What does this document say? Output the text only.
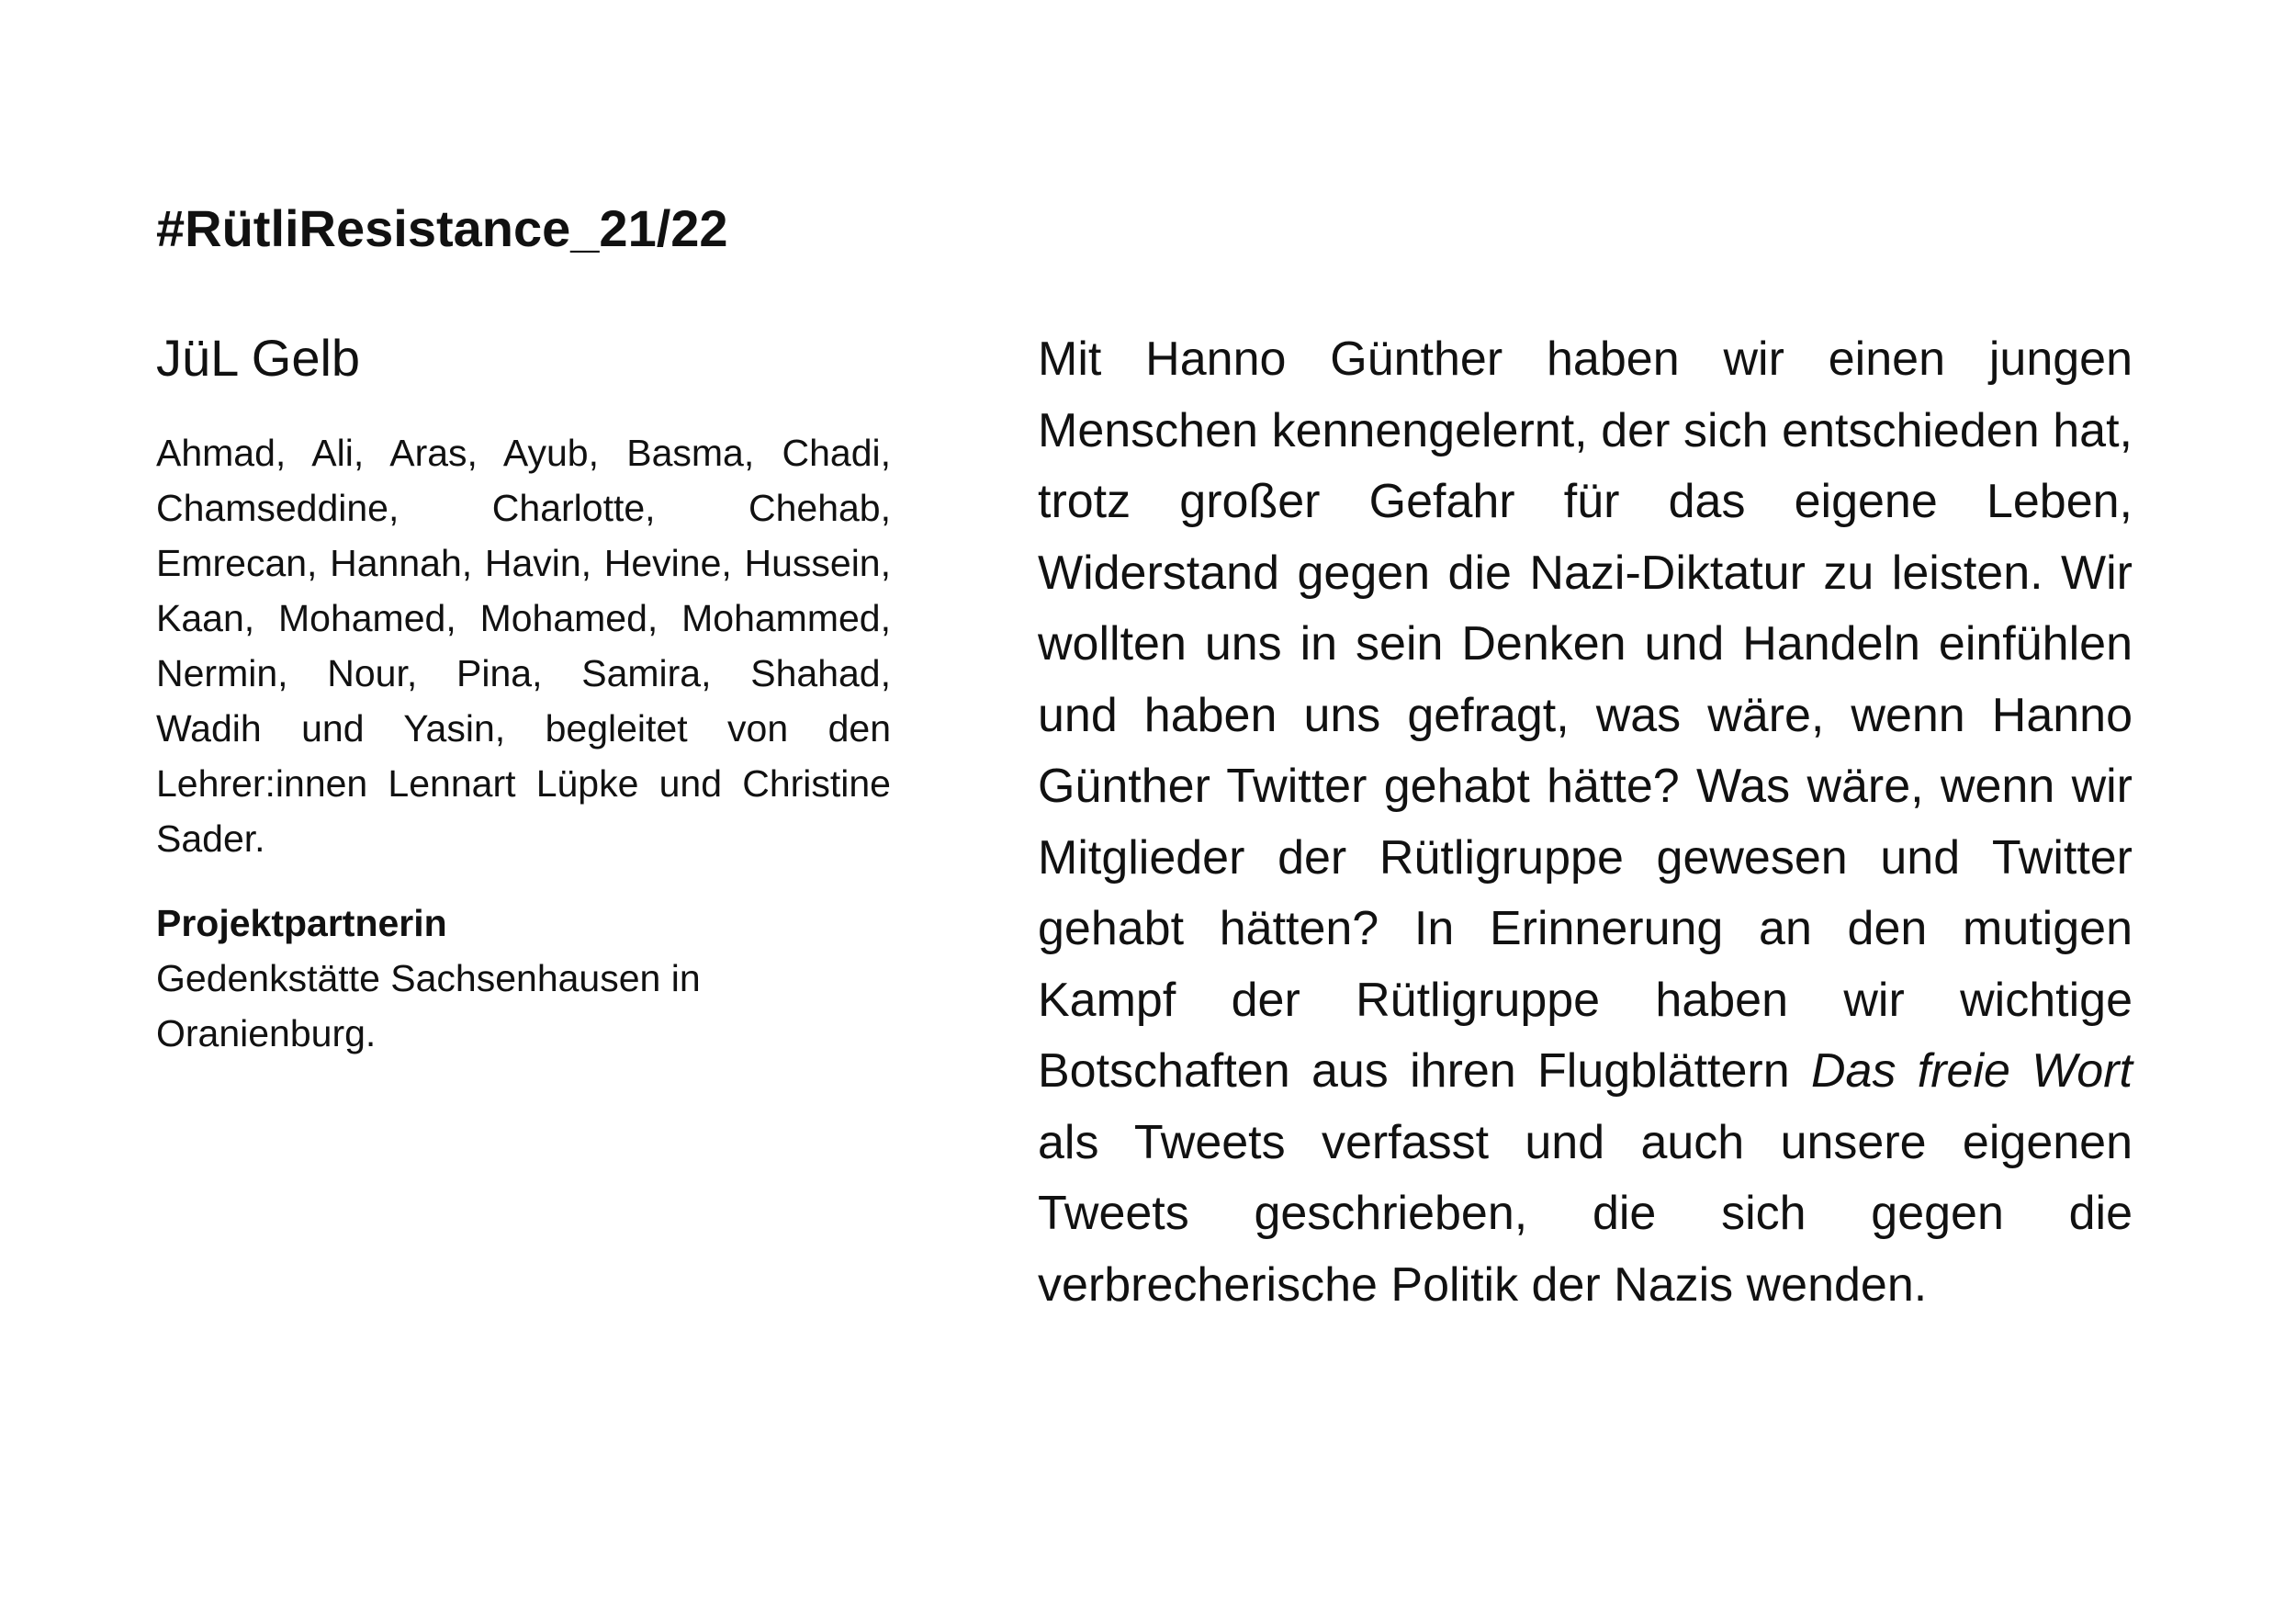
#RütliResistance_21/22
JüL Gelb
Ahmad, Ali, Aras, Ayub, Basma, Chadi, Chamseddine, Charlotte, Chehab, Emrecan, Hannah, Havin, Hevine, Hussein, Kaan, Mohamed, Mohamed, Mohammed, Nermin, Nour, Pina, Samira, Shahad, Wadih und Yasin, begleitet von den Lehrer:innen Lennart Lüpke und Christine Sader.
Projektpartnerin
Gedenkstätte Sachsenhausen in Oranienburg.
Mit Hanno Günther haben wir einen jungen Menschen kennengelernt, der sich entschieden hat, trotz großer Gefahr für das eigene Leben, Widerstand gegen die Nazi-Diktatur zu leisten. Wir wollten uns in sein Denken und Handeln einfühlen und haben uns gefragt, was wäre, wenn Hanno Günther Twitter gehabt hätte? Was wäre, wenn wir Mitglieder der Rütligruppe gewesen und Twitter gehabt hätten? In Erinnerung an den mutigen Kampf der Rütligruppe haben wir wichtige Botschaften aus ihren Flugblättern Das freie Wort als Tweets verfasst und auch unsere eigenen Tweets geschrieben, die sich gegen die verbrecherische Politik der Nazis wenden.
